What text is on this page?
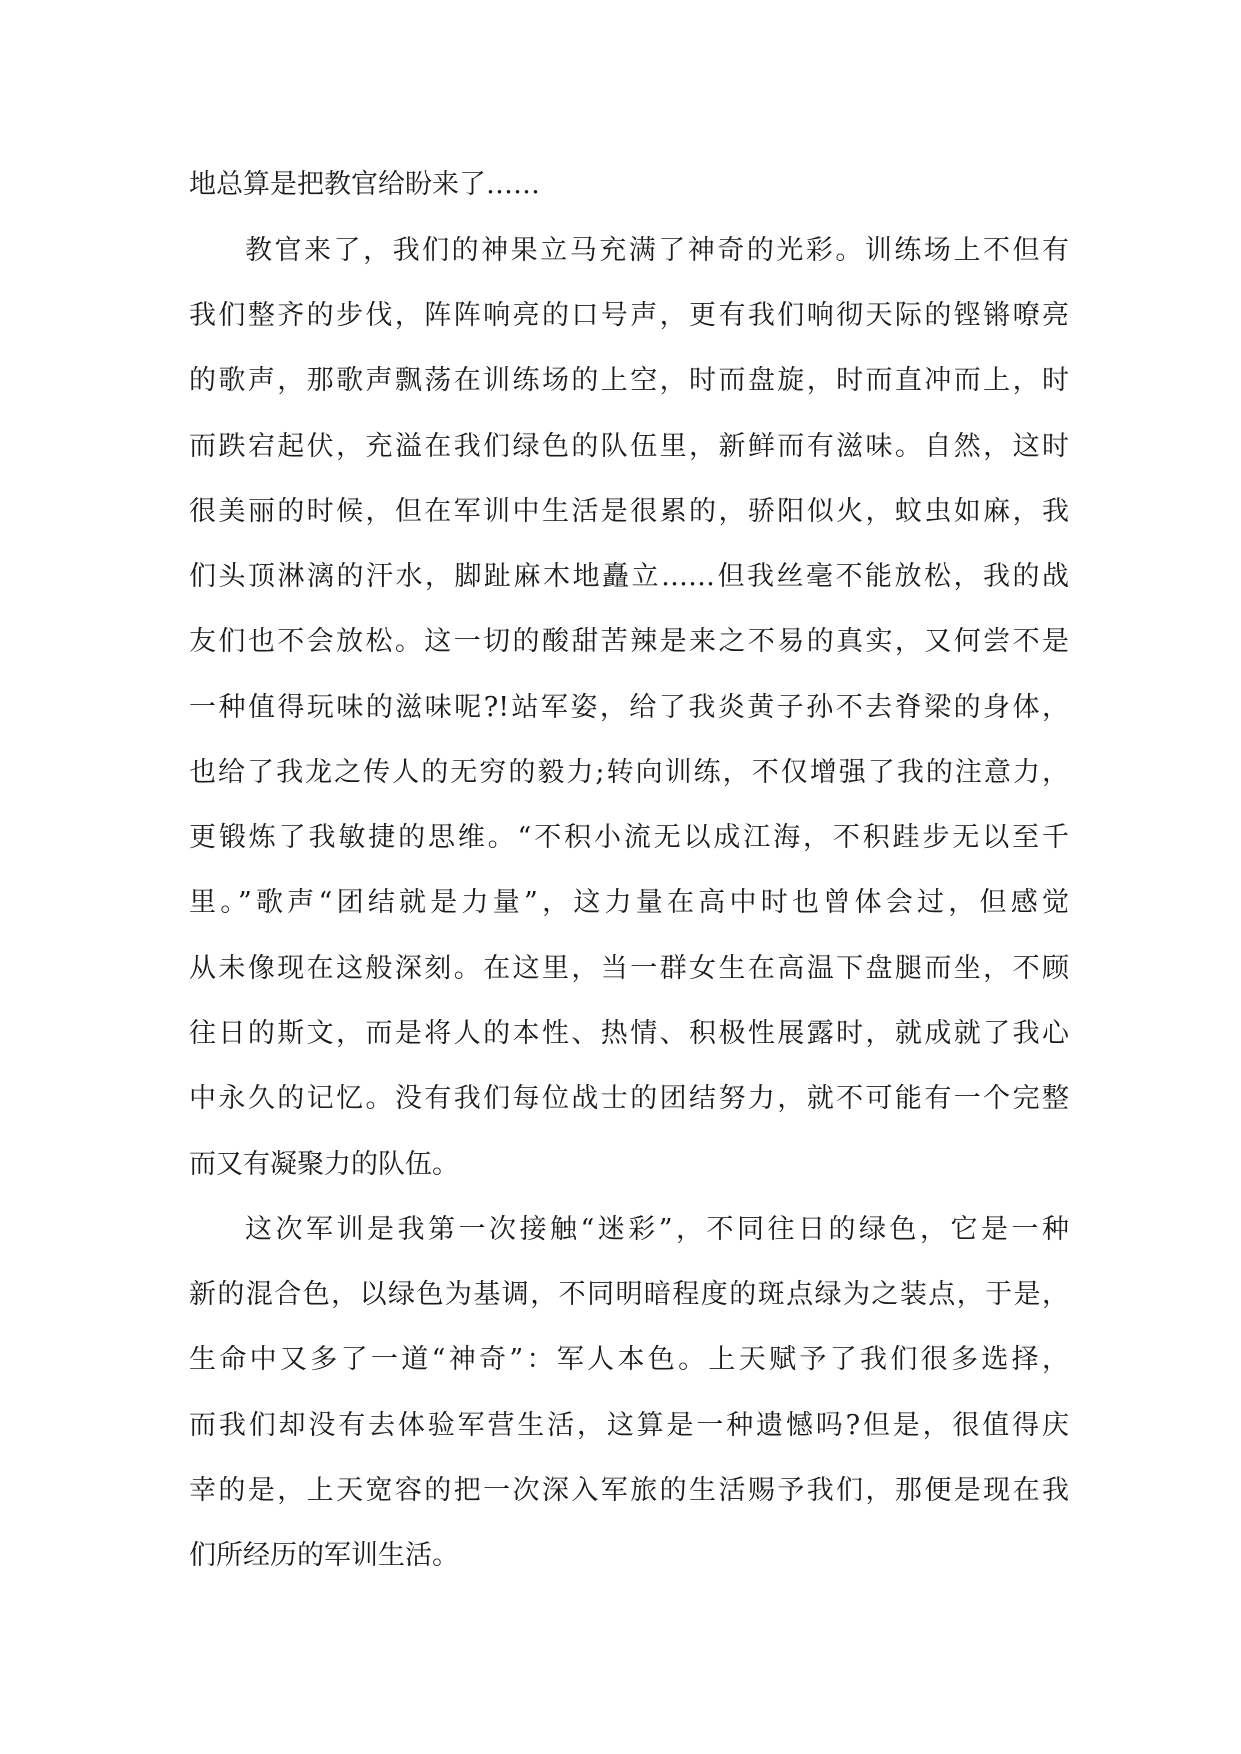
地总算是把教官给盼来了……
教官来了，我们的神果立马充满了神奇的光彩。训练场上不但有
我们整齐的步伐，阵阵响亮的口号声，更有我们响彻天际的铿锵嘹亮
的歌声，那歌声飘荡在训练场的上空，时而盘旋，时而直冲而上，时
而跌宕起伏，充溢在我们绿色的队伍里，新鲜而有滋味。自然，这时
很美丽的时候，但在军训中生活是很累的，骄阳似火，蚊虫如麻，我
们头顶淋漓的汗水，脚趾麻木地矗立……但我丝毫不能放松，我的战
友们也不会放松。这一切的酸甜苦辣是来之不易的真实，又何尝不是
一种值得玩味的滋味呢?!站军姿，给了我炎黄子孙不去脊梁的身体，
也给了我龙之传人的无穷的毅力;转向训练，不仅增强了我的注意力，
更锻炼了我敏捷的思维。“不积小流无以成江海，不积跬步无以至千
里。”歌声“团结就是力量”，这力量在高中时也曾体会过，但感觉
从未像现在这般深刻。在这里，当一群女生在高温下盘腿而坐，不顾
往日的斯文，而是将人的本性、热情、积极性展露时，就成就了我心
中永久的记忆。没有我们每位战士的团结努力，就不可能有一个完整
而又有凝聚力的队伍。
这次军训是我第一次接触“迷彩”，不同往日的绿色，它是一种
新的混合色，以绿色为基调，不同明暗程度的斑点绿为之装点，于是，
生命中又多了一道“神奇”：军人本色。上天赋予了我们很多选择，
而我们却没有去体验军营生活，这算是一种遗憾吗?但是，很值得庆
幸的是，上天宽容的把一次深入军旅的生活赐予我们，那便是现在我
们所经历的军训生活。
